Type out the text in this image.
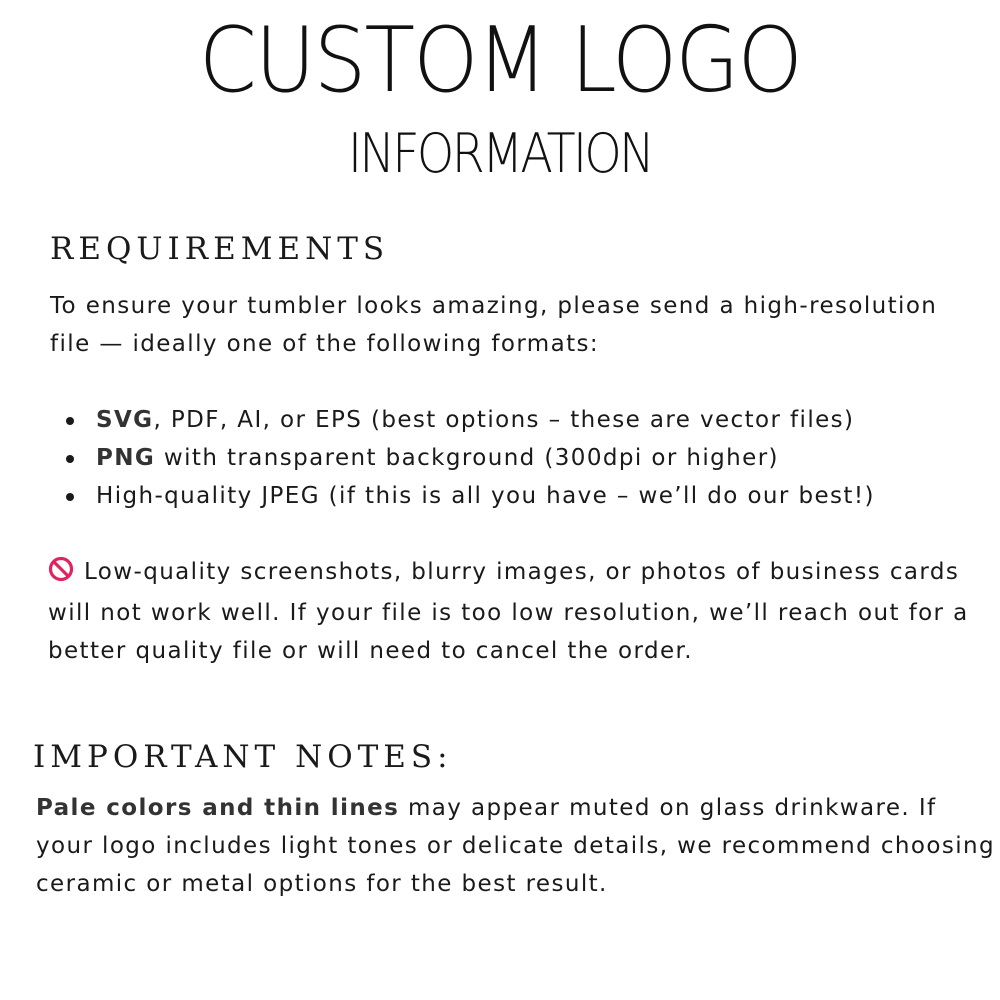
CUSTOM LOGO
INFORMATION
REQUIREMENTS

To ensure your tumbler looks amazing, please send a high-resolution file — ideally one of the following formats:

SVG, PDF, AI, or EPS (best options – these are vector files)
PNG with transparent background (300dpi or higher)
High-quality JPEG (if this is all you have – we’ll do our best!)

Low-quality screenshots, blurry images, or photos of business cards will not work well. If your file is too low resolution, we’ll reach out for a better quality file or will need to cancel the order.

IMPORTANT NOTES:

Pale colors and thin lines may appear muted on glass drinkware. If your logo includes light tones or delicate details, we recommend choosing ceramic or metal options for the best result.
